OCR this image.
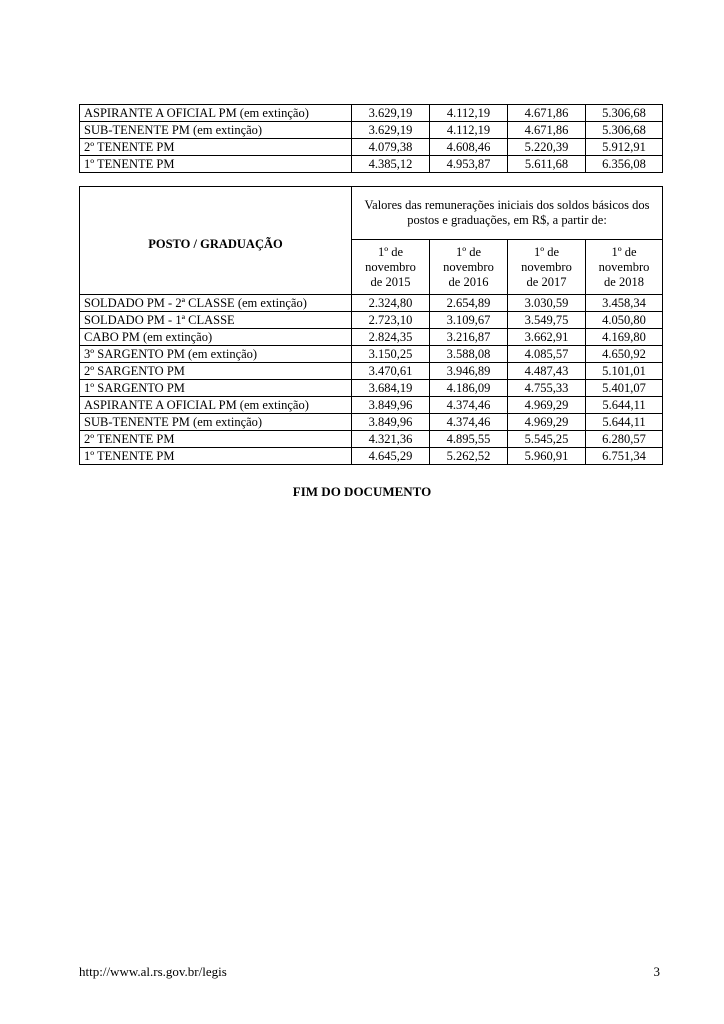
ASPIRANTE A OFICIAL PM (em extinção)	3.629,19	4.112,19	4.671,86	5.306,68
SUB-TENENTE PM (em extinção)	3.629,19	4.112,19	4.671,86	5.306,68
2º TENENTE PM	4.079,38	4.608,46	5.220,39	5.912,91
1º TENENTE PM	4.385,12	4.953,87	5.611,68	6.356,08
POSTO / GRADUAÇÃO	Valores das remunerações iniciais dos soldos básicos dos postos e graduações, em R$, a partir de:			
	1º de
novembro
de 2015	1º de
novembro
de 2016	1º de
novembro
de 2017	1º de
novembro
de 2018
SOLDADO PM - 2ª CLASSE (em extinção)	2.324,80	2.654,89	3.030,59	3.458,34
SOLDADO PM - 1ª CLASSE	2.723,10	3.109,67	3.549,75	4.050,80
CABO PM (em extinção)	2.824,35	3.216,87	3.662,91	4.169,80
3º SARGENTO PM (em extinção)	3.150,25	3.588,08	4.085,57	4.650,92
2º SARGENTO PM	3.470,61	3.946,89	4.487,43	5.101,01
1º SARGENTO PM	3.684,19	4.186,09	4.755,33	5.401,07
ASPIRANTE A OFICIAL PM (em extinção)	3.849,96	4.374,46	4.969,29	5.644,11
SUB-TENENTE PM (em extinção)	3.849,96	4.374,46	4.969,29	5.644,11
2º TENENTE PM	4.321,36	4.895,55	5.545,25	6.280,57
1º TENENTE PM	4.645,29	5.262,52	5.960,91	6.751,34
FIM DO DOCUMENTO
http://www.al.rs.gov.br/legis	3
